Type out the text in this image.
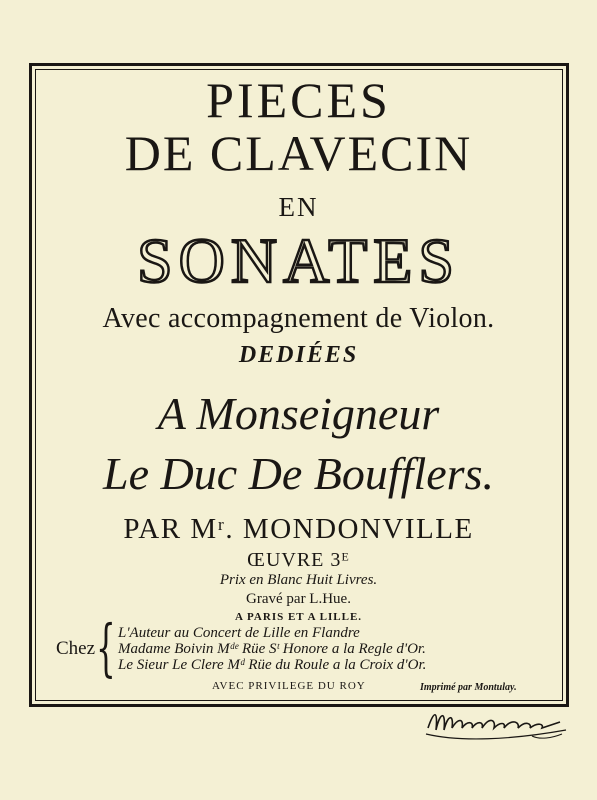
PIECES
DE CLAVECIN
EN
SONATES
Avec accompagnement de Violon.
DEDIÉES
A Monseigneur
Le Duc De Boufflers.
PAR Mʳ. MONDONVILLE
ŒUVRE 3ᴱ
Prix en Blanc Huit Livres.
Gravé par L.Hue.
A PARIS ET A LILLE.
Chez { L'Auteur au Concert de Lille en Flandre
Madame Boivin Mᵈᵉ Rüe Sᵗ Honore a la Regle d'Or.
Le Sieur Le Clere Mᵈ Rüe du Roule a la Croix d'Or.
AVEC PRIVILEGE DU ROY	Imprimé par Montulay.
